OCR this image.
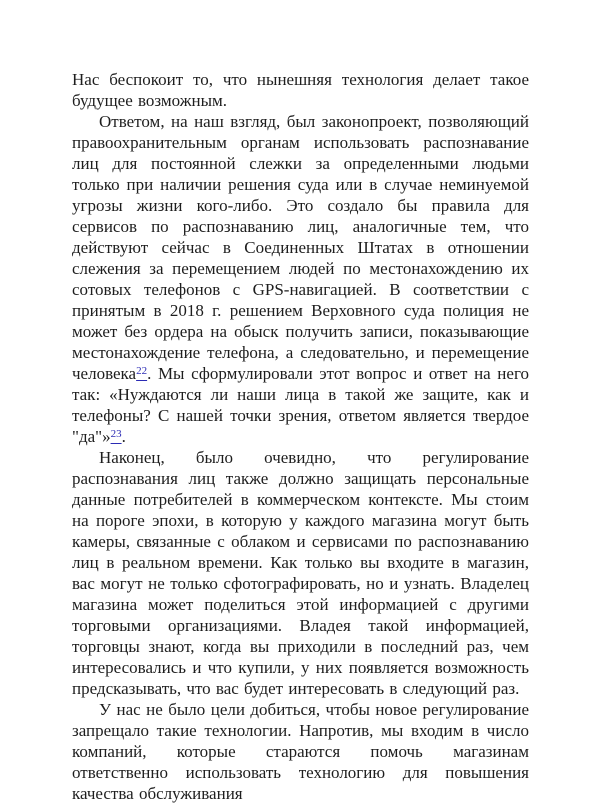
Нас беспокоит то, что нынешняя технология делает такое будущее возможным.

Ответом, на наш взгляд, был законопроект, позволяющий правоохранительным органам использовать распознавание лиц для постоянной слежки за определенными людьми только при наличии решения суда или в случае неминуемой угрозы жизни кого-либо. Это создало бы правила для сервисов по распознаванию лиц, аналогичные тем, что действуют сейчас в Соединенных Штатах в отношении слежения за перемещением людей по местонахождению их сотовых телефонов с GPS-навигацией. В соответствии с принятым в 2018 г. решением Верховного суда полиция не может без ордера на обыск получить записи, показывающие местонахождение телефона, а следовательно, и перемещение человека$^{22}$. Мы сформулировали этот вопрос и ответ на него так: «Нуждаются ли наши лица в такой же защите, как и телефоны? С нашей точки зрения, ответом является твердое "да"»$^{23}$.

Наконец, было очевидно, что регулирование распознавания лиц также должно защищать персональные данные потребителей в коммерческом контексте. Мы стоим на пороге эпохи, в которую у каждого магазина могут быть камеры, связанные с облаком и сервисами по распознаванию лиц в реальном времени. Как только вы входите в магазин, вас могут не только сфотографировать, но и узнать. Владелец магазина может поделиться этой информацией с другими торговыми организациями. Владея такой информацией, торговцы знают, когда вы приходили в последний раз, чем интересовались и что купили, у них появляется возможность предсказывать, что вас будет интересовать в следующий раз.

У нас не было цели добиться, чтобы новое регулирование запрещало такие технологии. Напротив, мы входим в число компаний, которые стараются помочь магазинам ответственно использовать технологию для повышения качества обслуживания
